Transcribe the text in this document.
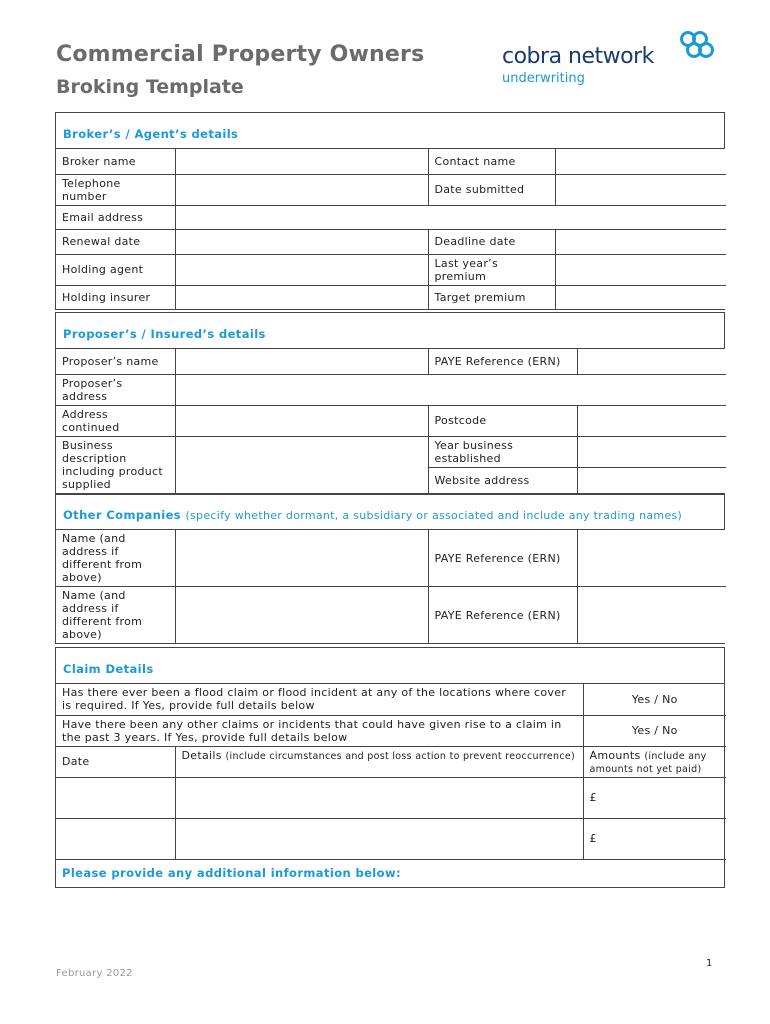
Commercial Property Owners
Broking Template
cobra network
underwriting
Broker’s / Agent’s details
Broker name		Contact name	
Telephone number		Date submitted	
Email address			
Renewal date		Deadline date	
Holding agent		Last year’s premium	
Holding insurer		Target premium	
Proposer’s / Insured’s details
Proposer’s name		PAYE Reference (ERN)	
Proposer’s address			
Address continued		Postcode	
Business description including product supplied		Year business established	
		Website address	
Other Companies (specify whether dormant, a subsidiary or associated and include any trading names)
Name (and address if different from above)		PAYE Reference (ERN)	
Name (and address if different from above)		PAYE Reference (ERN)	
Claim Details
Has there ever been a flood claim or flood incident at any of the locations where cover is required. If Yes, provide full details below		Yes / No
Have there been any other claims or incidents that could have given rise to a claim in the past 3 years. If Yes, provide full details below		Yes / No
Date	Details (include circumstances and post loss action to prevent reoccurrence)	Amounts (include any amounts not yet paid)
		£
		£
Please provide any additional information below:		
February 2022
1
